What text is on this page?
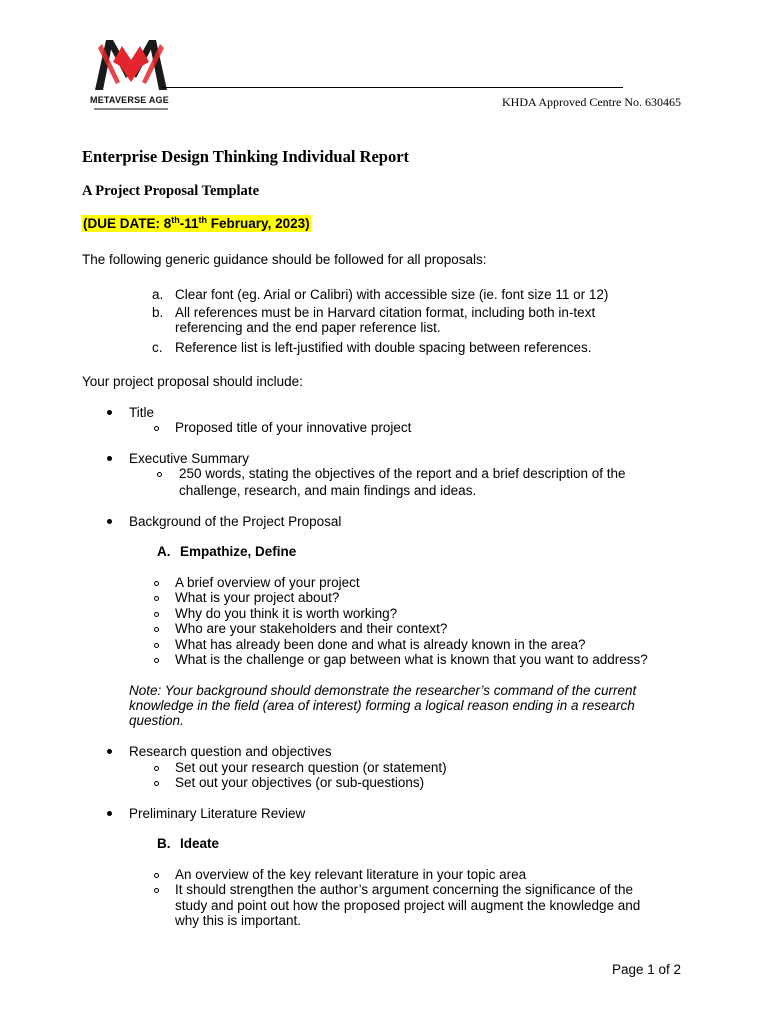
METAVERSE AGE	KHDA Approved Centre No. 630465
Enterprise Design Thinking Individual Report
A Project Proposal Template
(DUE DATE: 8th-11th February, 2023)
The following generic guidance should be followed for all proposals:
a. Clear font (eg. Arial or Calibri) with accessible size (ie. font size 11 or 12)
b. All references must be in Harvard citation format, including both in-text
referencing and the end paper reference list.
c. Reference list is left-justified with double spacing between references.
Your project proposal should include:
Title
Proposed title of your innovative project
Executive Summary
250 words, stating the objectives of the report and a brief description of the
challenge, research, and main findings and ideas.
Background of the Project Proposal
A. Empathize, Define
A brief overview of your project
What is your project about?
Why do you think it is worth working?
Who are your stakeholders and their context?
What has already been done and what is already known in the area?
What is the challenge or gap between what is known that you want to address?
Note: Your background should demonstrate the researcher’s command of the current
knowledge in the field (area of interest) forming a logical reason ending in a research
question.
Research question and objectives
Set out your research question (or statement)
Set out your objectives (or sub-questions)
Preliminary Literature Review
B. Ideate
An overview of the key relevant literature in your topic area
It should strengthen the author’s argument concerning the significance of the
study and point out how the proposed project will augment the knowledge and
why this is important.
Page 1 of 2
